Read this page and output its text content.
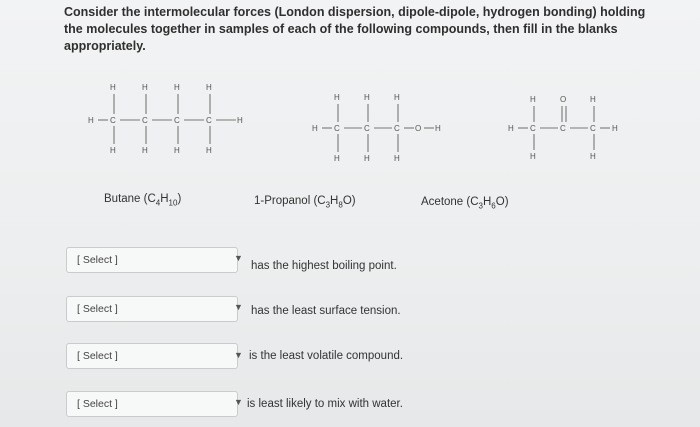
Consider the intermolecular forces (London dispersion, dipole-dipole, hydrogen bonding) holding the molecules together in samples of each of the following compounds, then fill in the blanks appropriately.
H C	C	C	C	H
H	H	H	H
H	H	H	H
H C	C	C O H
H	H	H
H	H	H
H C	C	C H
H	O	H
H	H
Butane $(C_4H_{10})$	1-Propanol $(C_3H_8O)$	Acetone $(C_3H_6O)$
[ Select ]	▼
has the highest boiling point.
[ Select ]	▼ has the least surface tension.
[ Select ]	▼ is the least volatile compound.
[ Select ]	▼ is least likely to mix with water.
